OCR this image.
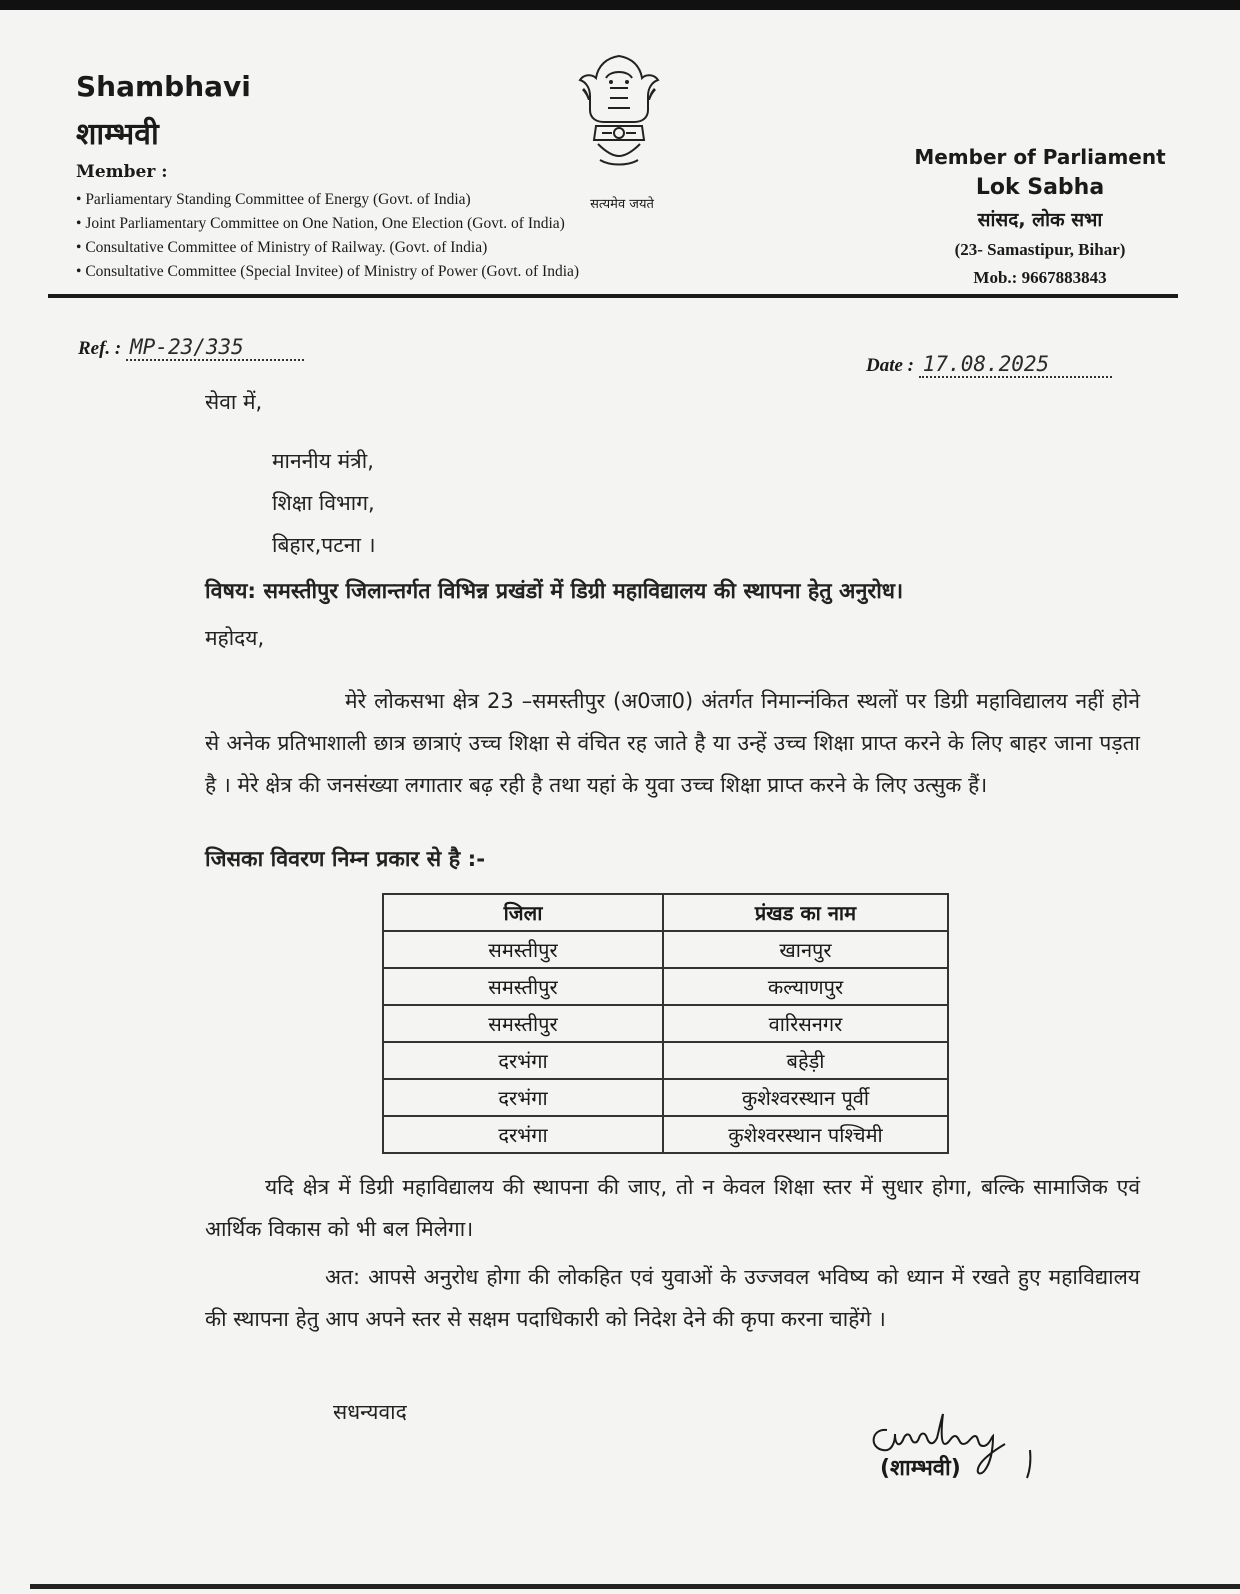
Shambhavi
शाम्भवी
Member :
• Parliamentary Standing Committee of Energy (Govt. of India)
• Joint Parliamentary Committee on One Nation, One Election (Govt. of India)
• Consultative Committee of Ministry of Railway. (Govt. of India)
• Consultative Committee (Special Invitee) of Ministry of Power (Govt. of India)
सत्यमेव जयते
Member of Parliament
Lok Sabha
सांसद, लोक सभा
(23- Samastipur, Bihar)
Mob.: 9667883843
Ref. : MP-23/335
Date : 17.08.2025
सेवा में,
माननीय मंत्री,
शिक्षा विभाग,
बिहार,पटना ।
विषय: समस्तीपुर जिलान्तर्गत विभिन्न प्रखंडों में डिग्री महाविद्यालय की स्थापना हेतु अनुरोध।
महोदय,
मेरे लोकसभा क्षेत्र 23 –समस्तीपुर (अ0जा0) अंतर्गत निमान्‍नंकित स्थलों पर डिग्री महाविद्यालय नहीं होने से अनेक प्रतिभाशाली छात्र छात्राएं उच्च शिक्षा से वंचित रह जाते है या उन्हें उच्च शिक्षा प्राप्त करने के लिए बाहर जाना पड़ता है । मेरे क्षेत्र की जनसंख्या लगातार बढ़ रही है तथा यहां के युवा उच्च शिक्षा प्राप्त करने के लिए उत्सुक हैं।
जिसका विवरण निम्न प्रकार से है :-
जिला	प्रंखड का नाम
समस्तीपुर	खानपुर
समस्तीपुर	कल्याणपुर
समस्तीपुर	वारिसनगर
दरभंगा	बहेड़ी
दरभंगा	कुशेश्वरस्थान पूर्वी
दरभंगा	कुशेश्वरस्थान पश्चिमी
यदि क्षेत्र में डिग्री महाविद्यालय की स्थापना की जाए, तो न केवल शिक्षा स्तर में सुधार होगा, बल्कि सामाजिक एवं आर्थिक विकास को भी बल मिलेगा।
अत: आपसे अनुरोध होगा की लोकहित एवं युवाओं के उज्जवल भविष्य को ध्यान में रखते हुए महाविद्यालय की स्थापना हेतु आप अपने स्तर से सक्षम पदाधिकारी को निदेश देने की कृपा करना चाहेंगे ।
सधन्यवाद
(शाम्भवी)
